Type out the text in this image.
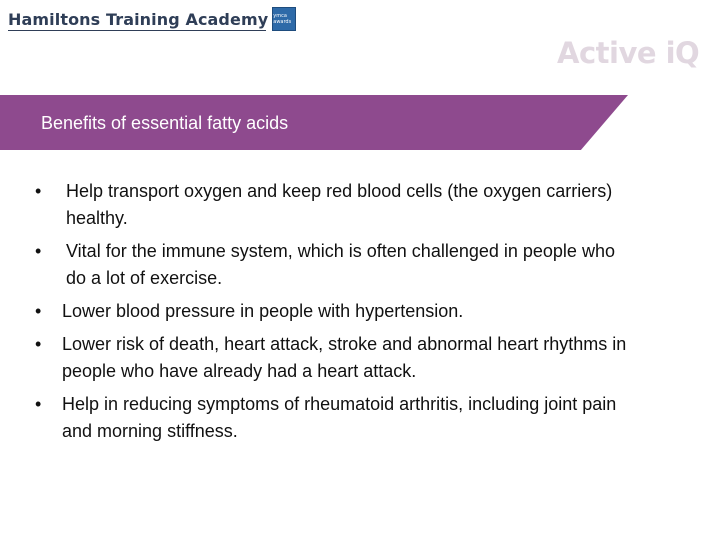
Hamiltons Training Academy ymca awards
Active iQ
Benefits of essential fatty acids
• Help transport oxygen and keep red blood cells (the oxygen carriers) healthy.
• Vital for the immune system, which is often challenged in people who do a lot of exercise.
• Lower blood pressure in people with hypertension.
• Lower risk of death, heart attack, stroke and abnormal heart rhythms in people who have already had a heart attack.
• Help in reducing symptoms of rheumatoid arthritis, including joint pain and morning stiffness.
